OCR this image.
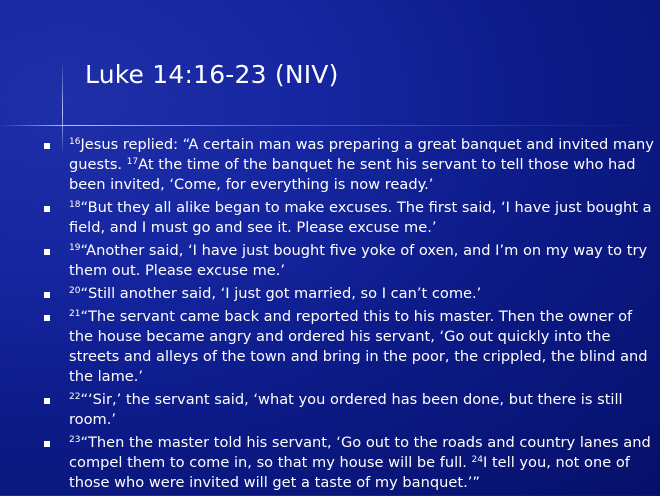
Luke 14:16-23 (NIV)
$^{16}$Jesus replied: “A certain man was preparing a great banquet and invited many guests. $^{17}$At the time of the banquet he sent his servant to tell those who had been invited, ‘Come, for everything is now ready.’
$^{18}$“But they all alike began to make excuses. The first said, ‘I have just bought a field, and I must go and see it. Please excuse me.’
$^{19}$“Another said, ‘I have just bought five yoke of oxen, and I’m on my way to try them out. Please excuse me.’
$^{20}$“Still another said, ‘I just got married, so I can’t come.’
$^{21}$“The servant came back and reported this to his master. Then the owner of the house became angry and ordered his servant, ‘Go out quickly into the streets and alleys of the town and bring in the poor, the crippled, the blind and the lame.’
$^{22}$“‘Sir,’ the servant said, ‘what you ordered has been done, but there is still room.’
$^{23}$“Then the master told his servant, ‘Go out to the roads and country lanes and compel them to come in, so that my house will be full. $^{24}$I tell you, not one of those who were invited will get a taste of my banquet.’”
